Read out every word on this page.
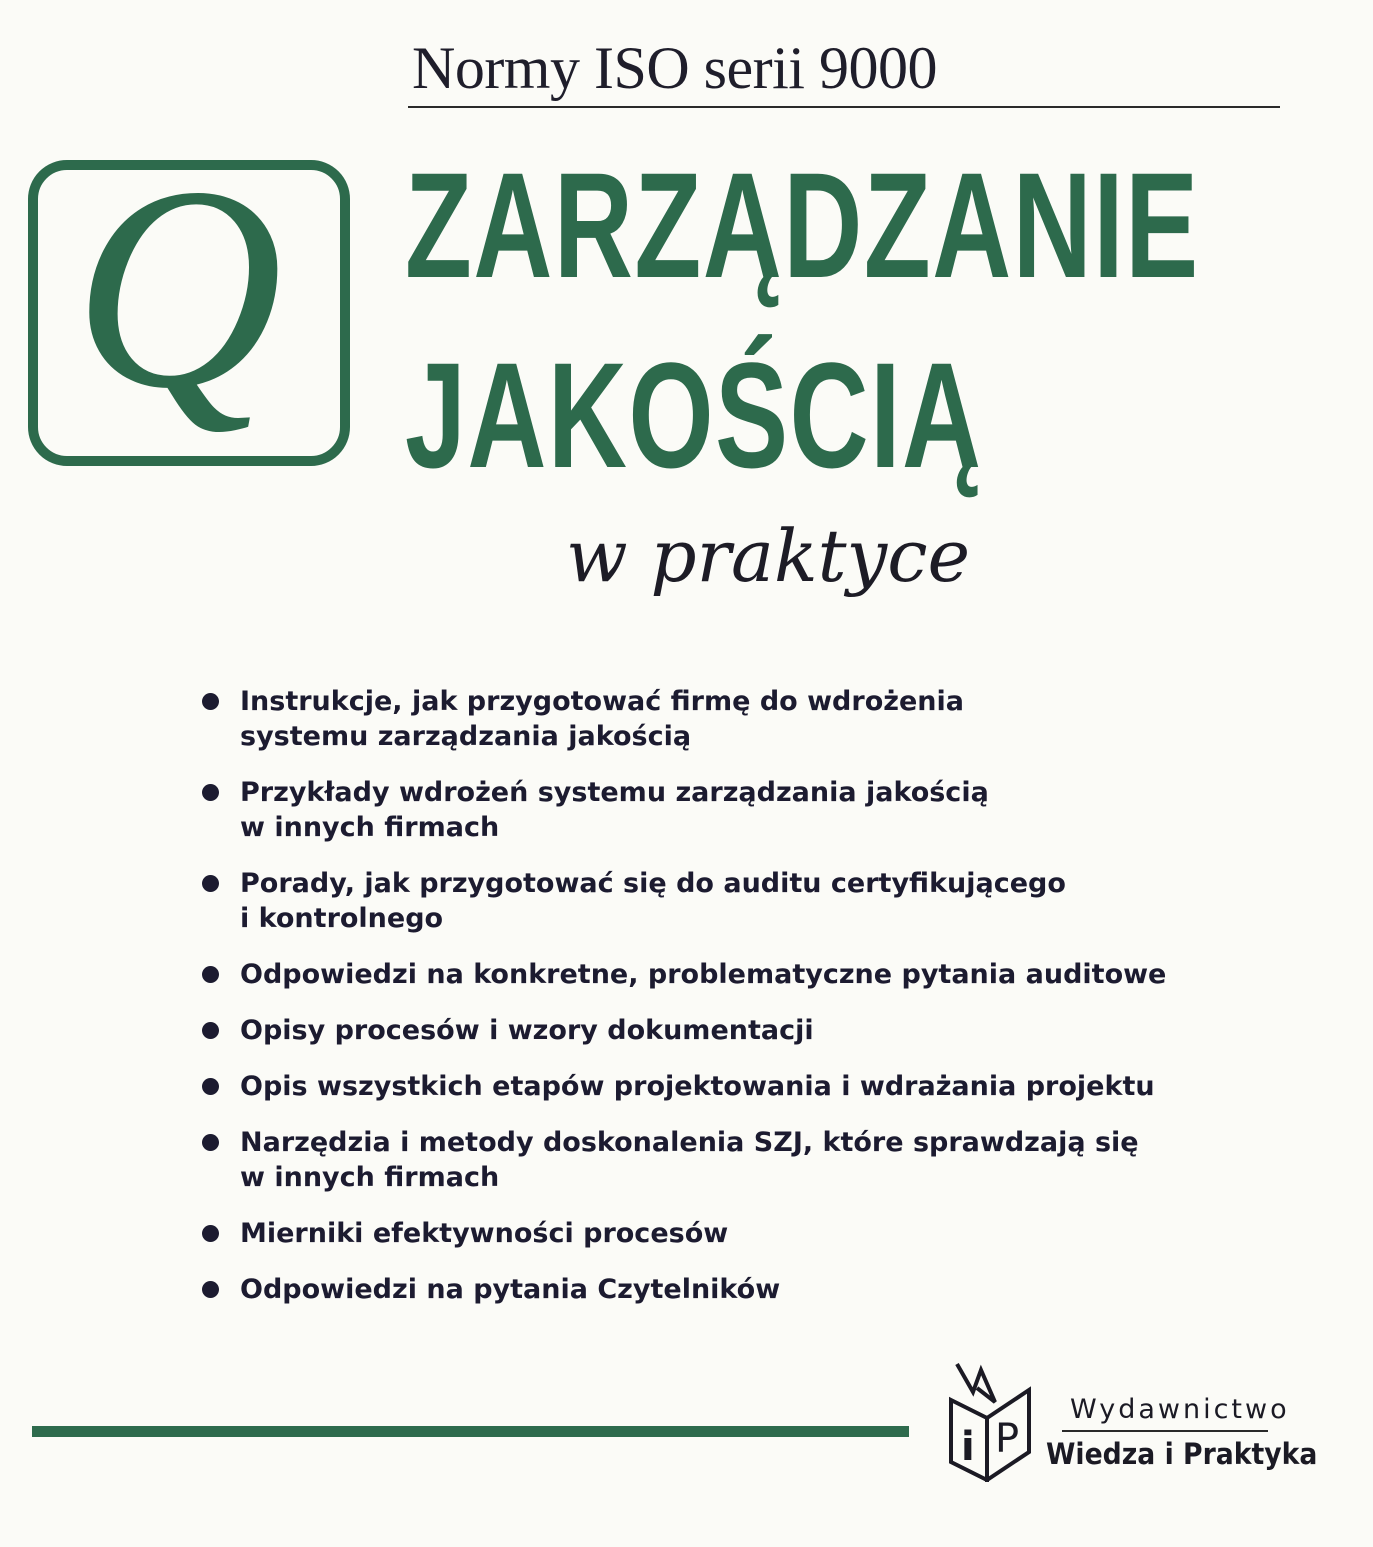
Normy ISO serii 9000
Q ZARZĄDZANIE
JAKOŚCIĄ
w praktyce
Instrukcje, jak przygotować firmę do wdrożenia
systemu zarządzania jakością
Przykłady wdrożeń systemu zarządzania jakością
w innych firmach
Porady, jak przygotować się do auditu certyfikującego
i kontrolnego
Odpowiedzi na konkretne, problematyczne pytania auditowe
Opisy procesów i wzory dokumentacji
Opis wszystkich etapów projektowania i wdrażania projektu
Narzędzia i metody doskonalenia SZJ, które sprawdzają się
w innych firmach
Mierniki efektywności procesów
Odpowiedzi na pytania Czytelników
i P
Wydawnictwo
Wiedza i Praktyka
